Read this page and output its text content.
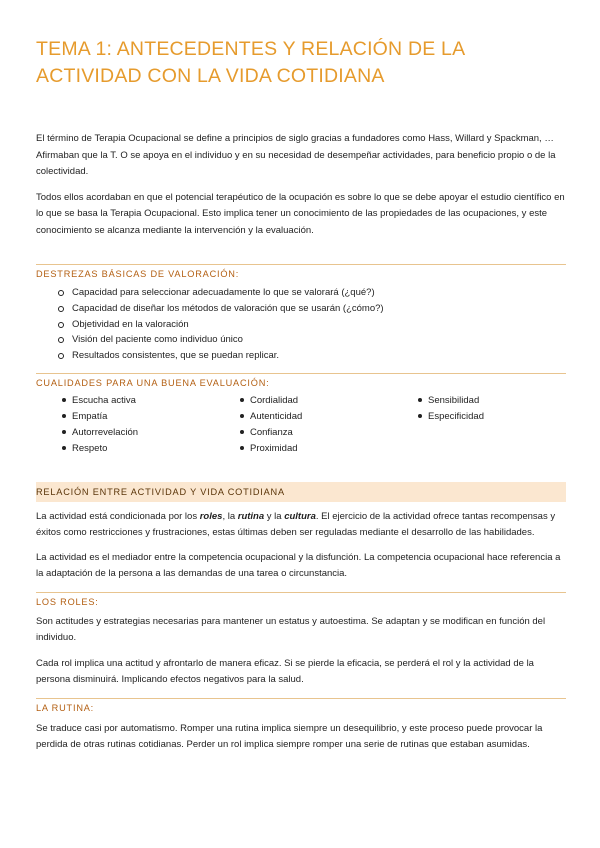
TEMA 1: ANTECEDENTES Y RELACIÓN DE LA ACTIVIDAD CON LA VIDA COTIDIANA

El término de Terapia Ocupacional se define a principios de siglo gracias a fundadores como Hass, Willard y Spackman, … Afirmaban que la T. O se apoya en el individuo y en su necesidad de desempeñar actividades, para beneficio propio o de la colectividad.

Todos ellos acordaban en que el potencial terapéutico de la ocupación es sobre lo que se debe apoyar el estudio científico en lo que se basa la Terapia Ocupacional. Esto implica tener un conocimiento de las propiedades de las ocupaciones, y este conocimiento se alcanza mediante la intervención y la evaluación.

DESTREZAS BÁSICAS DE VALORACIÓN:
Capacidad para seleccionar adecuadamente lo que se valorará (¿qué?)
Capacidad de diseñar los métodos de valoración que se usarán (¿cómo?)
Objetividad en la valoración
Visión del paciente como individuo único
Resultados consistentes, que se puedan replicar.
CUALIDADES PARA UNA BUENA EVALUACIÓN:
Escucha activa
Empatía
Autorrevelación
Respeto
Cordialidad
Autenticidad
Confianza
Proximidad
Sensibilidad
Especificidad
RELACIÓN ENTRE ACTIVIDAD Y VIDA COTIDIANA

La actividad está condicionada por los roles, la rutina y la cultura. El ejercicio de la actividad ofrece tantas recompensas y éxitos como restricciones y frustraciones, estas últimas deben ser reguladas mediante el desarrollo de las habilidades.

La actividad es el mediador entre la competencia ocupacional y la disfunción. La competencia ocupacional hace referencia a la adaptación de la persona a las demandas de una tarea o circunstancia.

LOS ROLES:

Son actitudes y estrategias necesarias para mantener un estatus y autoestima. Se adaptan y se modifican en función del individuo.

Cada rol implica una actitud y afrontarlo de manera eficaz. Si se pierde la eficacia, se perderá el rol y la actividad de la persona disminuirá. Implicando efectos negativos para la salud.

LA RUTINA:

Se traduce casi por automatismo. Romper una rutina implica siempre un desequilibrio, y este proceso puede provocar la perdida de otras rutinas cotidianas. Perder un rol implica siempre romper una serie de rutinas que estaban asumidas.
